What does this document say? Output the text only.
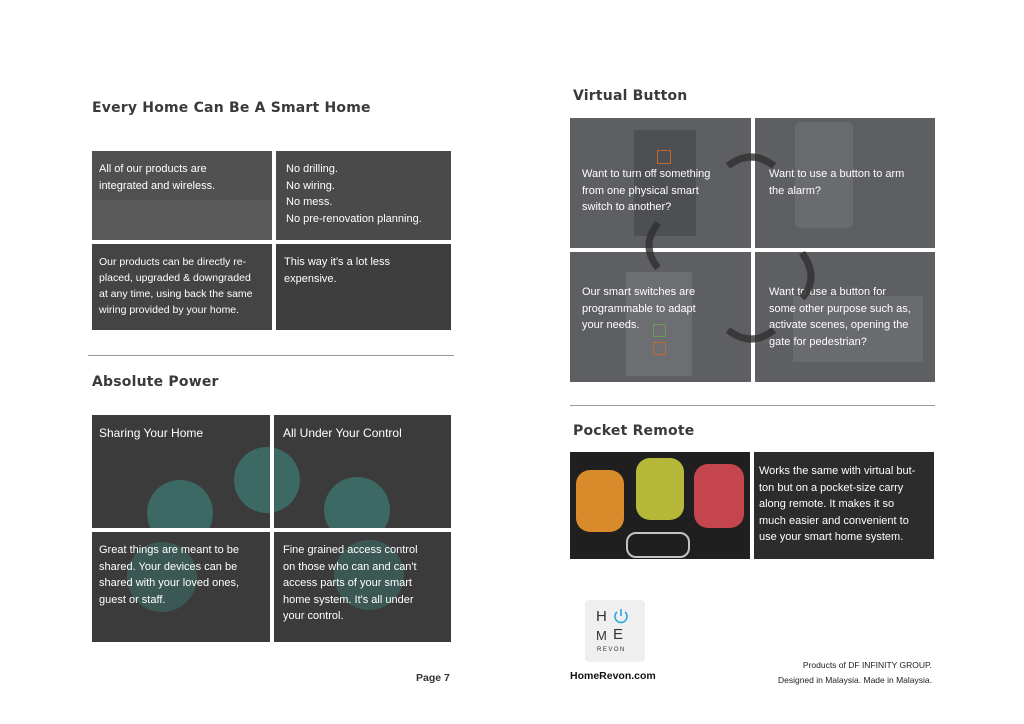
Every Home Can Be A Smart Home
All of our products are
integrated and wireless.
No drilling.
No wiring.
No mess.
No pre-renovation planning.
Our products can be directly re-
placed, upgraded & downgraded
at any time, using back the same
wiring provided by your home.
This way it's a lot less
expensive.
Absolute Power
Sharing Your Home	All Under Your Control
Great things are meant to be
shared. Your devices can be
shared with your loved ones,
guest or staff.
Fine grained access control
on those who can and can't
access parts of your smart
home system. It's all under
your control.
Page 7
Virtual Button
Want to turn off something
from one physical smart
switch to another?
Want to use a button to arm
the alarm?
Our smart switches are
programmable to adapt
your needs.
Want to use a button for
some other purpose such as,
activate scenes, opening the
gate for pedestrian?
Pocket Remote
Works the same with virtual but-
ton but on a pocket-size carry
along remote. It makes it so
much easier and convenient to
use your smart home system.
H
M E
REVON
HomeRevon.com
Products of DF INFINITY GROUP.
Designed in Malaysia. Made in Malaysia.
